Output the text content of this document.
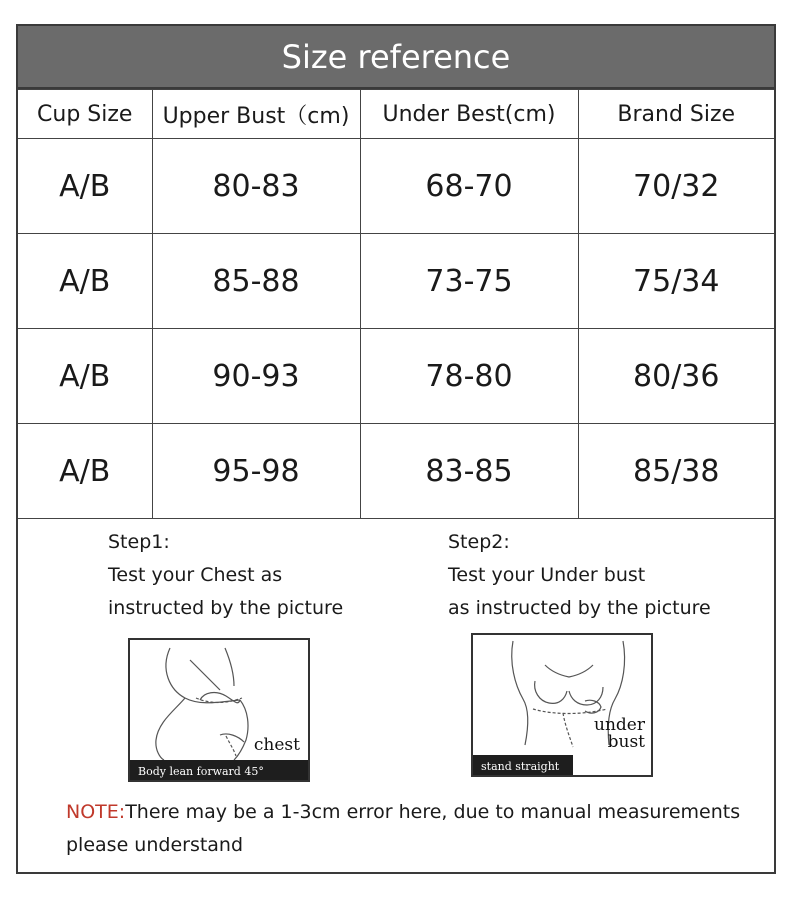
Size reference
Cup Size	Upper Bust（cm)	Under Best(cm)	Brand Size
A/B	80-83	68-70	70/32
A/B	85-88	73-75	75/34
A/B	90-93	78-80	80/36
A/B	95-98	83-85	85/38
Step1:
Test your Chest as
instructed by the picture
Step2:
Test your Under bust
as instructed by the picture
chest
Body lean forward 45°
under
bust
stand straight
NOTE:There may be a 1-3cm error here, due to manual measurements
please understand
